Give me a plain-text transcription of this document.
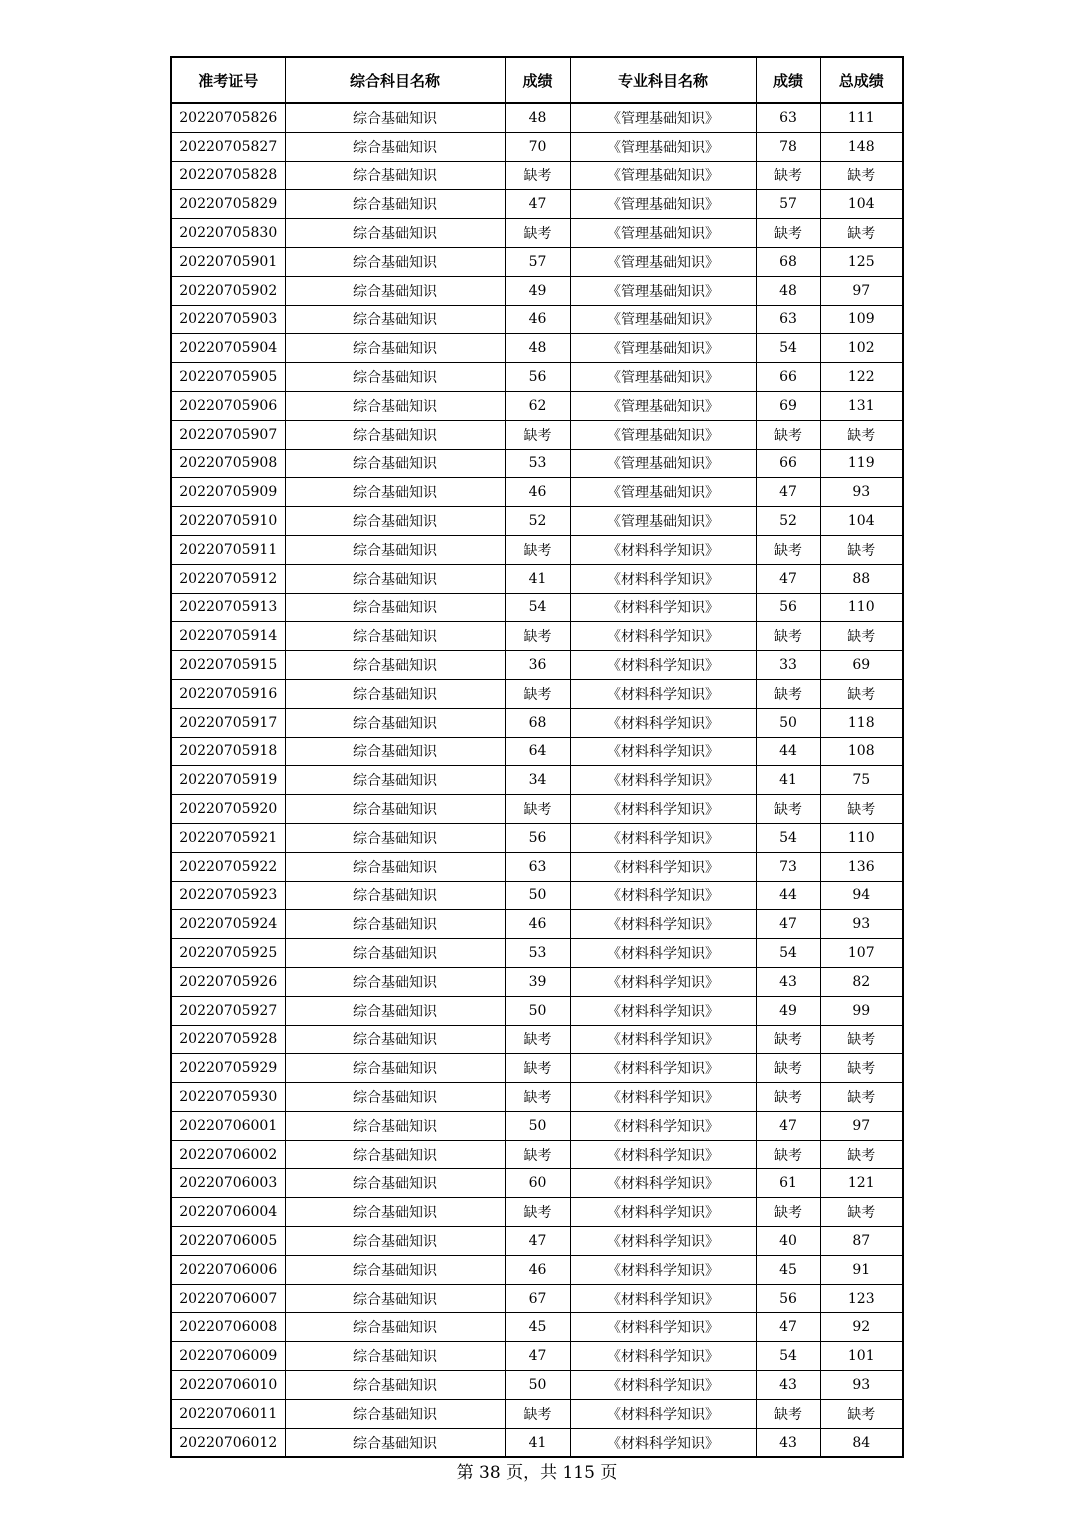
准考证号	综合科目名称	成绩	专业科目名称	成绩	总成绩
20220705826	综合基础知识	48	《管理基础知识》	63	111
20220705827	综合基础知识	70	《管理基础知识》	78	148
20220705828	综合基础知识	缺考	《管理基础知识》	缺考	缺考
20220705829	综合基础知识	47	《管理基础知识》	57	104
20220705830	综合基础知识	缺考	《管理基础知识》	缺考	缺考
20220705901	综合基础知识	57	《管理基础知识》	68	125
20220705902	综合基础知识	49	《管理基础知识》	48	97
20220705903	综合基础知识	46	《管理基础知识》	63	109
20220705904	综合基础知识	48	《管理基础知识》	54	102
20220705905	综合基础知识	56	《管理基础知识》	66	122
20220705906	综合基础知识	62	《管理基础知识》	69	131
20220705907	综合基础知识	缺考	《管理基础知识》	缺考	缺考
20220705908	综合基础知识	53	《管理基础知识》	66	119
20220705909	综合基础知识	46	《管理基础知识》	47	93
20220705910	综合基础知识	52	《管理基础知识》	52	104
20220705911	综合基础知识	缺考	《材料科学知识》	缺考	缺考
20220705912	综合基础知识	41	《材料科学知识》	47	88
20220705913	综合基础知识	54	《材料科学知识》	56	110
20220705914	综合基础知识	缺考	《材料科学知识》	缺考	缺考
20220705915	综合基础知识	36	《材料科学知识》	33	69
20220705916	综合基础知识	缺考	《材料科学知识》	缺考	缺考
20220705917	综合基础知识	68	《材料科学知识》	50	118
20220705918	综合基础知识	64	《材料科学知识》	44	108
20220705919	综合基础知识	34	《材料科学知识》	41	75
20220705920	综合基础知识	缺考	《材料科学知识》	缺考	缺考
20220705921	综合基础知识	56	《材料科学知识》	54	110
20220705922	综合基础知识	63	《材料科学知识》	73	136
20220705923	综合基础知识	50	《材料科学知识》	44	94
20220705924	综合基础知识	46	《材料科学知识》	47	93
20220705925	综合基础知识	53	《材料科学知识》	54	107
20220705926	综合基础知识	39	《材料科学知识》	43	82
20220705927	综合基础知识	50	《材料科学知识》	49	99
20220705928	综合基础知识	缺考	《材料科学知识》	缺考	缺考
20220705929	综合基础知识	缺考	《材料科学知识》	缺考	缺考
20220705930	综合基础知识	缺考	《材料科学知识》	缺考	缺考
20220706001	综合基础知识	50	《材料科学知识》	47	97
20220706002	综合基础知识	缺考	《材料科学知识》	缺考	缺考
20220706003	综合基础知识	60	《材料科学知识》	61	121
20220706004	综合基础知识	缺考	《材料科学知识》	缺考	缺考
20220706005	综合基础知识	47	《材料科学知识》	40	87
20220706006	综合基础知识	46	《材料科学知识》	45	91
20220706007	综合基础知识	67	《材料科学知识》	56	123
20220706008	综合基础知识	45	《材料科学知识》	47	92
20220706009	综合基础知识	47	《材料科学知识》	54	101
20220706010	综合基础知识	50	《材料科学知识》	43	93
20220706011	综合基础知识	缺考	《材料科学知识》	缺考	缺考
20220706012	综合基础知识	41	《材料科学知识》	43	84
第 38 页，共 115 页
